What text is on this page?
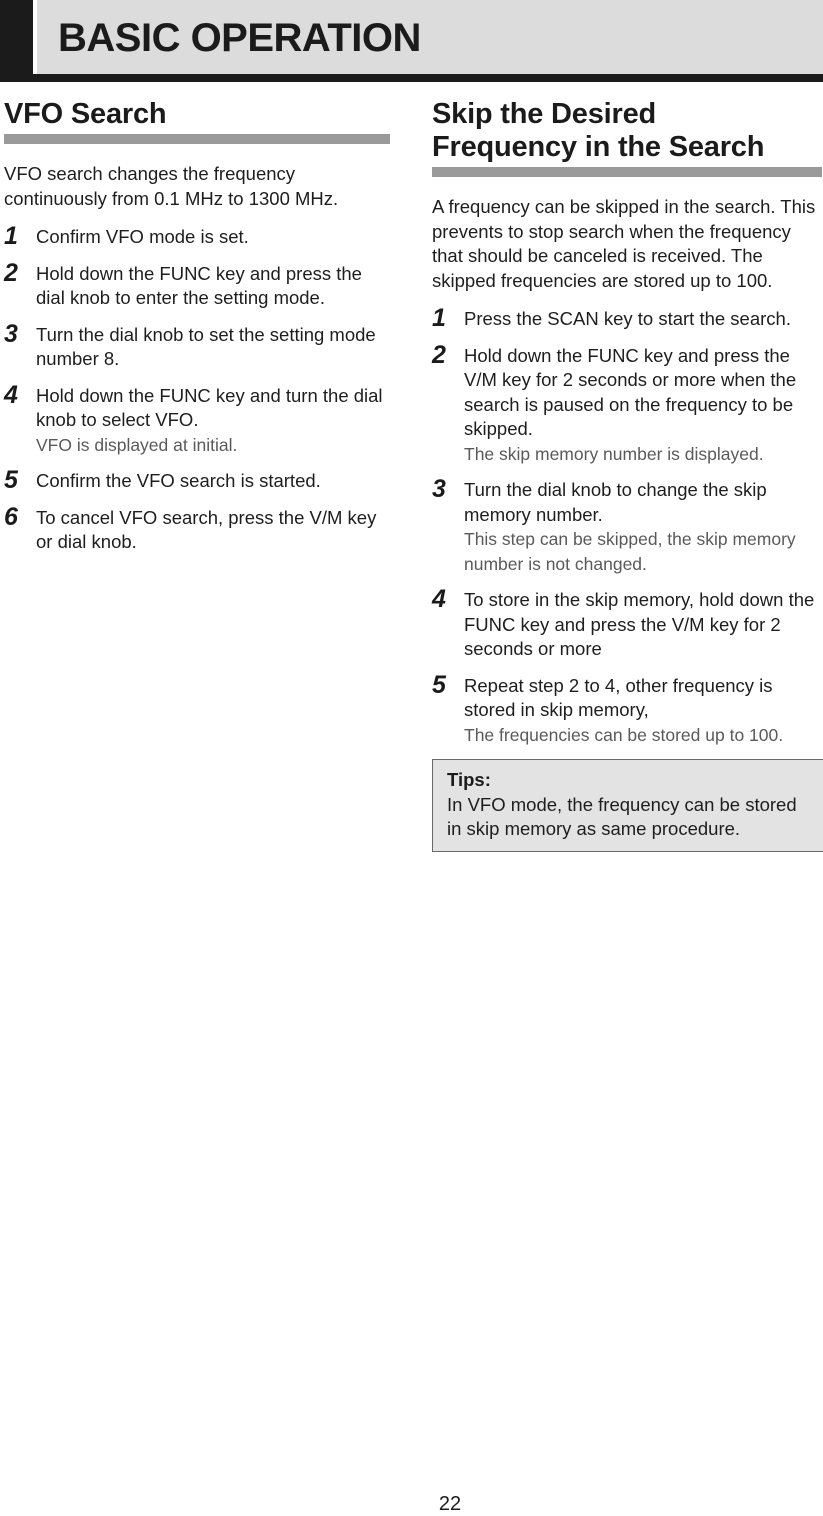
BASIC OPERATION
VFO Search

VFO search changes the frequency continuously from 0.1 MHz to 1300 MHz.

1 Confirm VFO mode is set.
2 Hold down the FUNC key and press the dial knob to enter the setting mode.
3 Turn the dial knob to set the setting mode number 8.
4 Hold down the FUNC key and turn the dial knob to select VFO.
VFO is displayed at initial.
5 Confirm the VFO search is started.
6 To cancel VFO search, press the V/M key or dial knob.
Skip the Desired
Frequency in the Search

A frequency can be skipped in the search. This prevents to stop search when the frequency that should be canceled is received. The skipped frequencies are stored up to 100.

1 Press the SCAN key to start the search.
2 Hold down the FUNC key and press the V/M key for 2 seconds or more when the search is paused on the frequency to be skipped.
The skip memory number is displayed.
3 Turn the dial knob to change the skip memory number.
This step can be skipped, the skip memory number is not changed.
4 To store in the skip memory, hold down the FUNC key and press the V/M key for 2 seconds or more
5 Repeat step 2 to 4, other frequency is stored in skip memory,
The frequencies can be stored up to 100.
Tips:
In VFO mode, the frequency can be stored in skip memory as same procedure.
22
